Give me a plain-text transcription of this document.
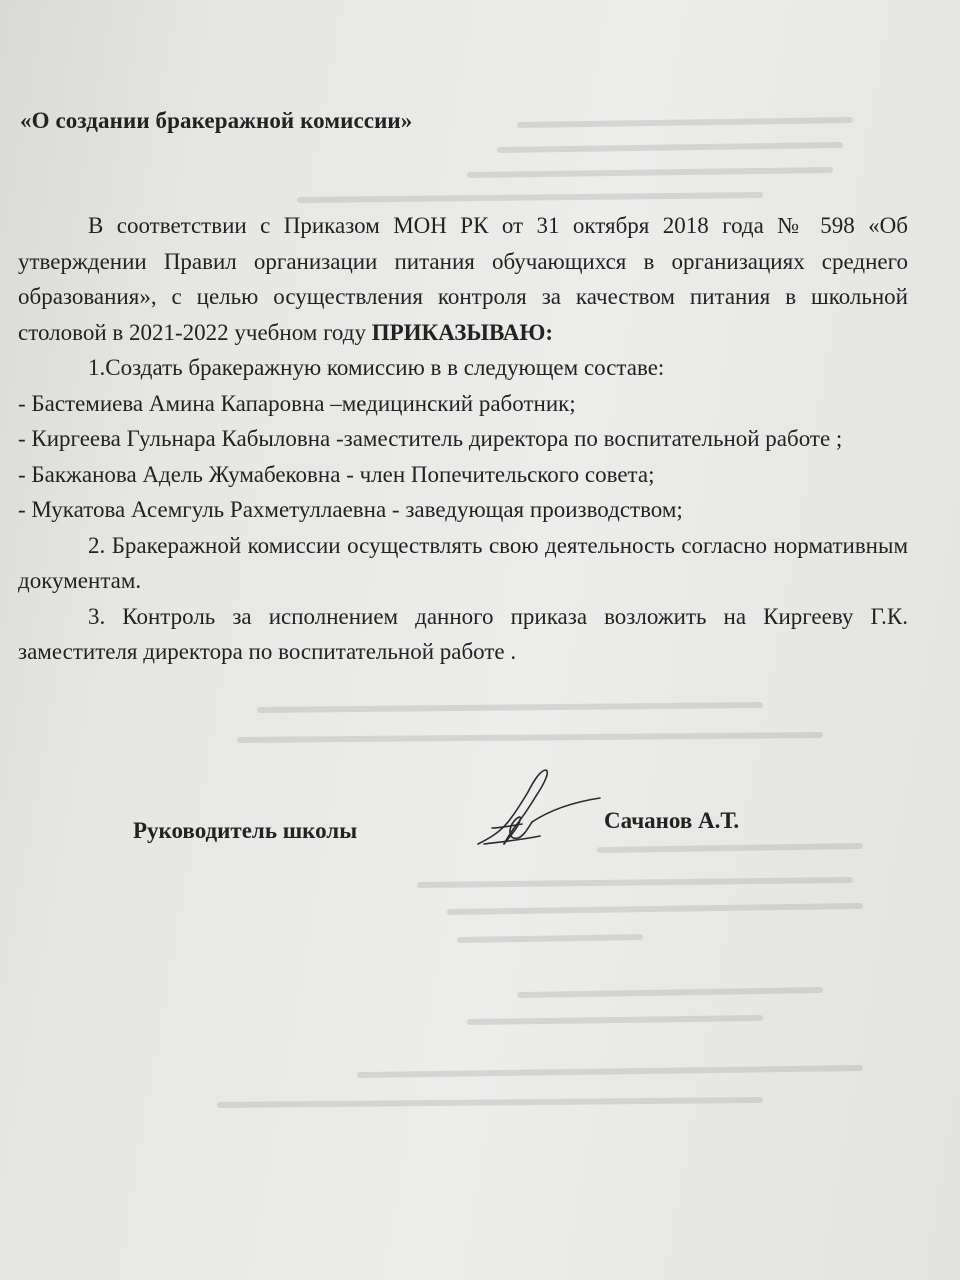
«О создании бракеражной комиссии»

В соответствии с Приказом МОН РК от 31 октября 2018 года № 598 «Об утверждении Правил организации питания обучающихся в организациях среднего образования», с целью осуществления контроля за качеством питания в школьной столовой в 2021-2022 учебном году ПРИКАЗЫВАЮ:

1.Создать бракеражную комиссию в в следующем составе:

- Бастемиева Амина Капаровна –медицинский работник;

- Киргеева Гульнара Кабыловна -заместитель директора по воспитательной работе ;

- Бакжанова Адель Жумабековна - член Попечительского совета;

- Мукатова Асемгуль Рахметуллаевна - заведующая производством;

2. Бракеражной комиссии осуществлять свою деятельность согласно нормативным документам.

3. Контроль за исполнением данного приказа возложить на Киргееву Г.К. заместителя директора по воспитательной работе .

Руководитель школы	Сачанов А.Т.
